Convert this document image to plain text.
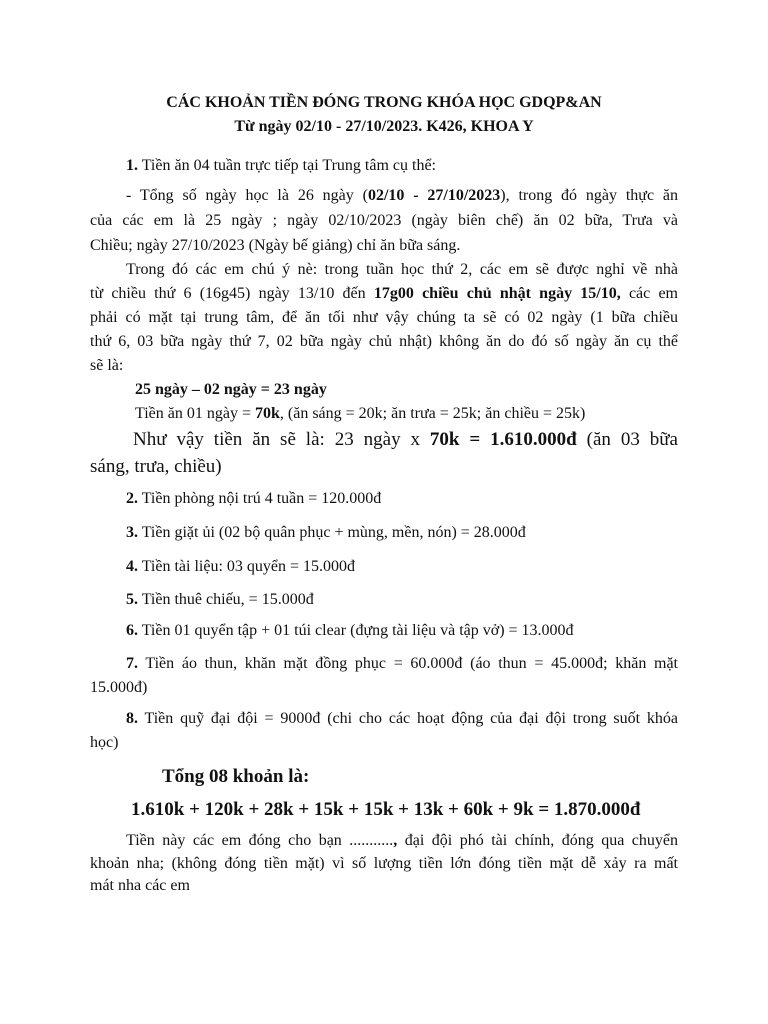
CÁC KHOẢN TIỀN ĐÓNG TRONG KHÓA HỌC GDQP&AN
Từ ngày 02/10 - 27/10/2023. K426, KHOA Y
1. Tiền ăn 04 tuần trực tiếp tại Trung tâm cụ thể:
- Tổng số ngày học là 26 ngày (02/10 - 27/10/2023), trong đó ngày thực ăn
của các em là 25 ngày ; ngày 02/10/2023 (ngày biên chế) ăn 02 bữa, Trưa và
Chiều; ngày 27/10/2023 (Ngày bế giảng) chỉ ăn bữa sáng.
Trong đó các em chú ý nè: trong tuần học thứ 2, các em sẽ được nghỉ về nhà
từ chiều thứ 6 (16g45) ngày 13/10 đến 17g00 chiều chủ nhật ngày 15/10, các em
phải có mặt tại trung tâm, để ăn tối như vậy chúng ta sẽ có 02 ngày (1 bữa chiều
thứ 6, 03 bữa ngày thứ 7, 02 bữa ngày chủ nhật) không ăn do đó số ngày ăn cụ thể
sẽ là:
25 ngày – 02 ngày = 23 ngày
Tiền ăn 01 ngày = 70k, (ăn sáng = 20k; ăn trưa = 25k; ăn chiều = 25k)
Như vậy tiền ăn sẽ là: 23 ngày x 70k = 1.610.000đ (ăn 03 bữa
sáng, trưa, chiều)
2. Tiền phòng nội trú 4 tuần = 120.000đ
3. Tiền giặt ủi (02 bộ quân phục + mùng, mền, nón) = 28.000đ
4. Tiền tài liệu: 03 quyển = 15.000đ
5. Tiền thuê chiếu, = 15.000đ
6. Tiền 01 quyển tập + 01 túi clear (đựng tài liệu và tập vở) = 13.000đ
7. Tiền áo thun, khăn mặt đồng phục = 60.000đ (áo thun = 45.000đ; khăn mặt
15.000đ)
8. Tiền quỹ đại đội = 9000đ (chi cho các hoạt động của đại đội trong suốt khóa
học)
Tổng 08 khoản là:
1.610k + 120k + 28k + 15k + 15k + 13k + 60k + 9k = 1.870.000đ
Tiền này các em đóng cho bạn ..........., đại đội phó tài chính, đóng qua chuyển
khoản nha; (không đóng tiền mặt) vì số lượng tiền lớn đóng tiền mặt dễ xảy ra mất
mát nha các em
